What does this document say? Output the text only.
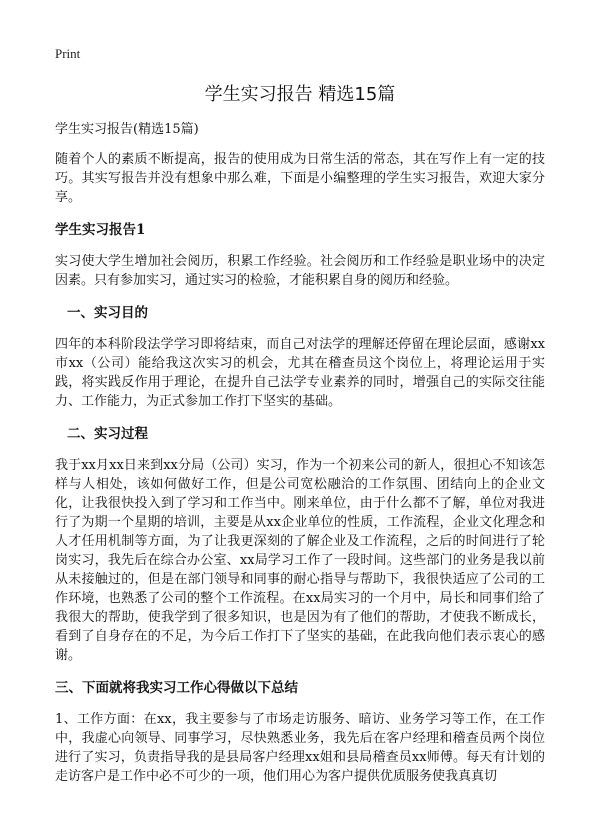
Print
学生实习报告 精选15篇

学生实习报告(精选15篇)

随着个人的素质不断提高，报告的使用成为日常生活的常态，其在写作上有一定的技巧。其实写报告并没有想象中那么难，下面是小编整理的学生实习报告，欢迎大家分享。

学生实习报告1

实习使大学生增加社会阅历，积累工作经验。社会阅历和工作经验是职业场中的决定因素。只有参加实习，通过实习的检验，才能积累自身的阅历和经验。

一、实习目的

四年的本科阶段法学学习即将结束，而自己对法学的理解还停留在理论层面，感谢xx市xx（公司）能给我这次实习的机会，尤其在稽查员这个岗位上，将理论运用于实践，将实践反作用于理论，在提升自己法学专业素养的同时，增强自己的实际交往能力、工作能力，为正式参加工作打下坚实的基础。

二、实习过程

我于xx月xx日来到xx分局（公司）实习，作为一个初来公司的新人，很担心不知该怎样与人相处，该如何做好工作，但是公司宽松融洽的工作氛围、团结向上的企业文化，让我很快投入到了学习和工作当中。刚来单位，由于什么都不了解，单位对我进行了为期一个星期的培训，主要是从xx企业单位的性质，工作流程，企业文化理念和人才任用机制等方面，为了让我更深刻的了解企业及工作流程，之后的时间进行了轮岗实习，我先后在综合办公室、xx局学习工作了一段时间。这些部门的业务是我以前从未接触过的，但是在部门领导和同事的耐心指导与帮助下，我很快适应了公司的工作环境，也熟悉了公司的整个工作流程。在xx局实习的一个月中，局长和同事们给了我很大的帮助，使我学到了很多知识，也是因为有了他们的帮助，才使我不断成长，看到了自身存在的不足，为今后工作打下了坚实的基础，在此我向他们表示衷心的感谢。

三、下面就将我实习工作心得做以下总结

1、工作方面：在xx，我主要参与了市场走访服务、暗访、业务学习等工作，在工作中，我虚心向领导、同事学习，尽快熟悉业务，我先后在客户经理和稽查员两个岗位进行了实习，负责指导我的是县局客户经理xx姐和县局稽查员xx师傅。每天有计划的走访客户是工作中必不可少的一项，他们用心为客户提供优质服务使我真真切
